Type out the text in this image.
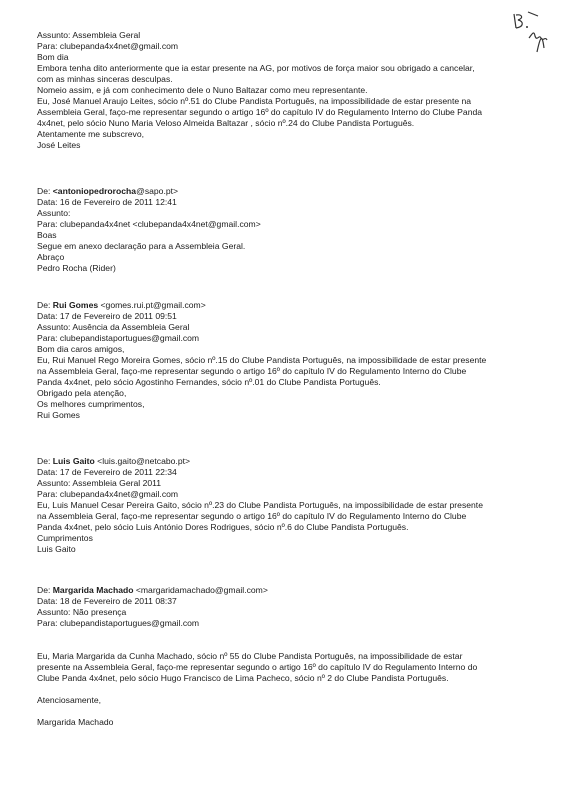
Assunto: Assembleia Geral

Para: clubepanda4x4net@gmail.com

Bom dia

Embora tenha dito anteriormente que ia estar presente na AG, por motivos de força maior sou obrigado a cancelar,

com as minhas sinceras desculpas.

Nomeio assim, e já com conhecimento dele o Nuno Baltazar como meu representante.

Eu, José Manuel Araujo Leites, sócio nº.51 do Clube Pandista Português, na impossibilidade de estar presente na

Assembleia Geral, faço-me representar segundo o artigo 16º do capítulo IV do Regulamento Interno do Clube Panda

4x4net, pelo sócio Nuno Maria Veloso Almeida Baltazar , sócio nº.24 do Clube Pandista Português.

Atentamente me subscrevo,

José Leites

De: <antoniopedrorocha@sapo.pt>

Data: 16 de Fevereiro de 2011 12:41

Assunto:

Para: clubepanda4x4net <clubepanda4x4net@gmail.com>

Boas

Segue em anexo declaração para a Assembleia Geral.

Abraço

Pedro Rocha (Rider)

De: Rui Gomes <gomes.rui.pt@gmail.com>

Data: 17 de Fevereiro de 2011 09:51

Assunto: Ausência da Assembleia Geral

Para: clubepandistaportugues@gmail.com

Bom dia caros amigos,

Eu, Rui Manuel Rego Moreira Gomes, sócio nº.15 do Clube Pandista Português, na impossibilidade de estar presente

na Assembleia Geral, faço-me representar segundo o artigo 16º do capítulo IV do Regulamento Interno do Clube

Panda 4x4net, pelo sócio Agostinho Fernandes, sócio nº.01 do Clube Pandista Português.

Obrigado pela atenção,

Os melhores cumprimentos,

Rui Gomes

De: Luis Gaito <luis.gaito@netcabo.pt>

Data: 17 de Fevereiro de 2011 22:34

Assunto: Assembleia Geral 2011

Para: clubepanda4x4net@gmail.com

Eu, Luis Manuel Cesar Pereira Gaito, sócio nº.23 do Clube Pandista Português, na impossibilidade de estar presente

na Assembleia Geral, faço-me representar segundo o artigo 16º do capítulo IV do Regulamento Interno do Clube

Panda 4x4net, pelo sócio Luis António Dores Rodrigues, sócio nº.6 do Clube Pandista Português.

Cumprimentos

Luis Gaito

De: Margarida Machado <margaridamachado@gmail.com>

Data: 18 de Fevereiro de 2011 08:37

Assunto: Não presença

Para: clubepandistaportugues@gmail.com

Eu, Maria Margarida da Cunha Machado, sócio nº 55 do Clube Pandista Português, na impossibilidade de estar

presente na Assembleia Geral, faço-me representar segundo o artigo 16º do capítulo IV do Regulamento Interno do

Clube Panda 4x4net, pelo sócio Hugo Francisco de Lima Pacheco, sócio nº 2 do Clube Pandista Português.

Atenciosamente,

Margarida Machado
